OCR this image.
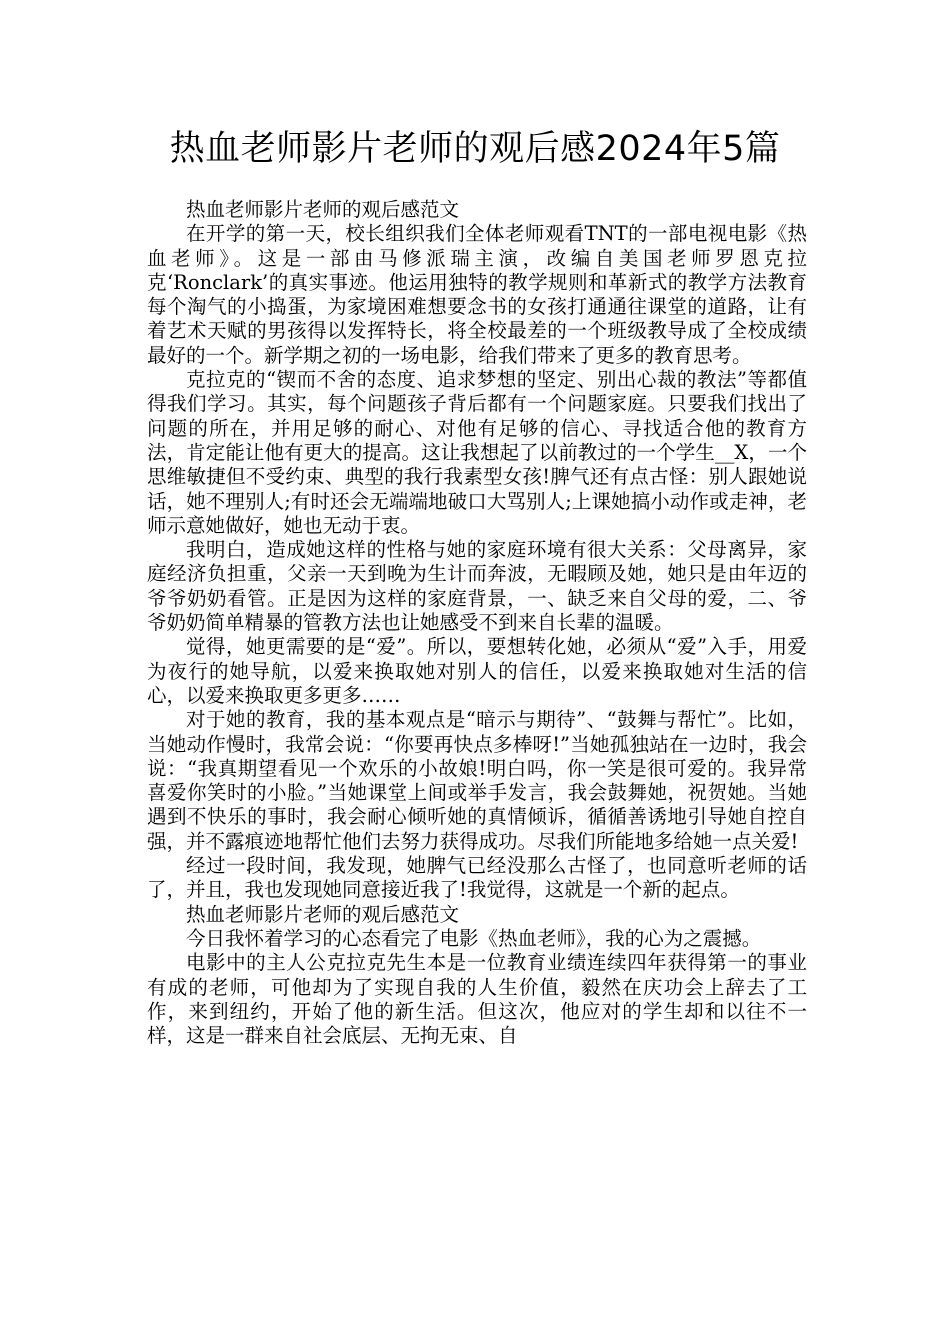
热血老师影片老师的观后感2024年5篇

热血老师影片老师的观后感范文

在开学的第一天，校长组织我们全体老师观看TNT的一部电视电影《热血老师》。这是一部由马修派瑞主演，改编自美国老师罗恩克拉克‘Ronclark’的真实事迹。他运用独特的教学规则和革新式的教学方法教育每个淘气的小捣蛋，为家境困难想要念书的女孩打通通往课堂的道路，让有着艺术天赋的男孩得以发挥特长，将全校最差的一个班级教导成了全校成绩最好的一个。新学期之初的一场电影，给我们带来了更多的教育思考。

克拉克的“锲而不舍的态度、追求梦想的坚定、别出心裁的教法”等都值得我们学习。其实，每个问题孩子背后都有一个问题家庭。只要我们找出了问题的所在，并用足够的耐心、对他有足够的信心、寻找适合他的教育方法，肯定能让他有更大的提高。这让我想起了以前教过的一个学生__X，一个思维敏捷但不受约束、典型的我行我素型女孩!脾气还有点古怪：别人跟她说话，她不理别人;有时还会无端端地破口大骂别人;上课她搞小动作或走神，老师示意她做好，她也无动于衷。

我明白，造成她这样的性格与她的家庭环境有很大关系：父母离异，家庭经济负担重，父亲一天到晚为生计而奔波，无暇顾及她，她只是由年迈的爷爷奶奶看管。正是因为这样的家庭背景，一、缺乏来自父母的爱，二、爷爷奶奶简单精暴的管教方法也让她感受不到来自长辈的温暖。

觉得，她更需要的是“爱”。所以，要想转化她，必须从“爱”入手，用爱为夜行的她导航，以爱来换取她对别人的信任，以爱来换取她对生活的信心，以爱来换取更多更多……

对于她的教育，我的基本观点是“暗示与期待”、“鼓舞与帮忙”。比如，当她动作慢时，我常会说：“你要再快点多棒呀!”当她孤独站在一边时，我会说：“我真期望看见一个欢乐的小故娘!明白吗，你一笑是很可爱的。我异常喜爱你笑时的小脸。”当她课堂上间或举手发言，我会鼓舞她，祝贺她。当她遇到不快乐的事时，我会耐心倾听她的真情倾诉，循循善诱地引导她自控自强，并不露痕迹地帮忙他们去努力获得成功。尽我们所能地多给她一点关爱!

经过一段时间，我发现，她脾气已经没那么古怪了，也同意听老师的话了，并且，我也发现她同意接近我了!我觉得，这就是一个新的起点。

热血老师影片老师的观后感范文

今日我怀着学习的心态看完了电影《热血老师》，我的心为之震撼。

电影中的主人公克拉克先生本是一位教育业绩连续四年获得第一的事业有成的老师，可他却为了实现自我的人生价值，毅然在庆功会上辞去了工作，来到纽约，开始了他的新生活。但这次，他应对的学生却和以往不一样，这是一群来自社会底层、无拘无束、自
